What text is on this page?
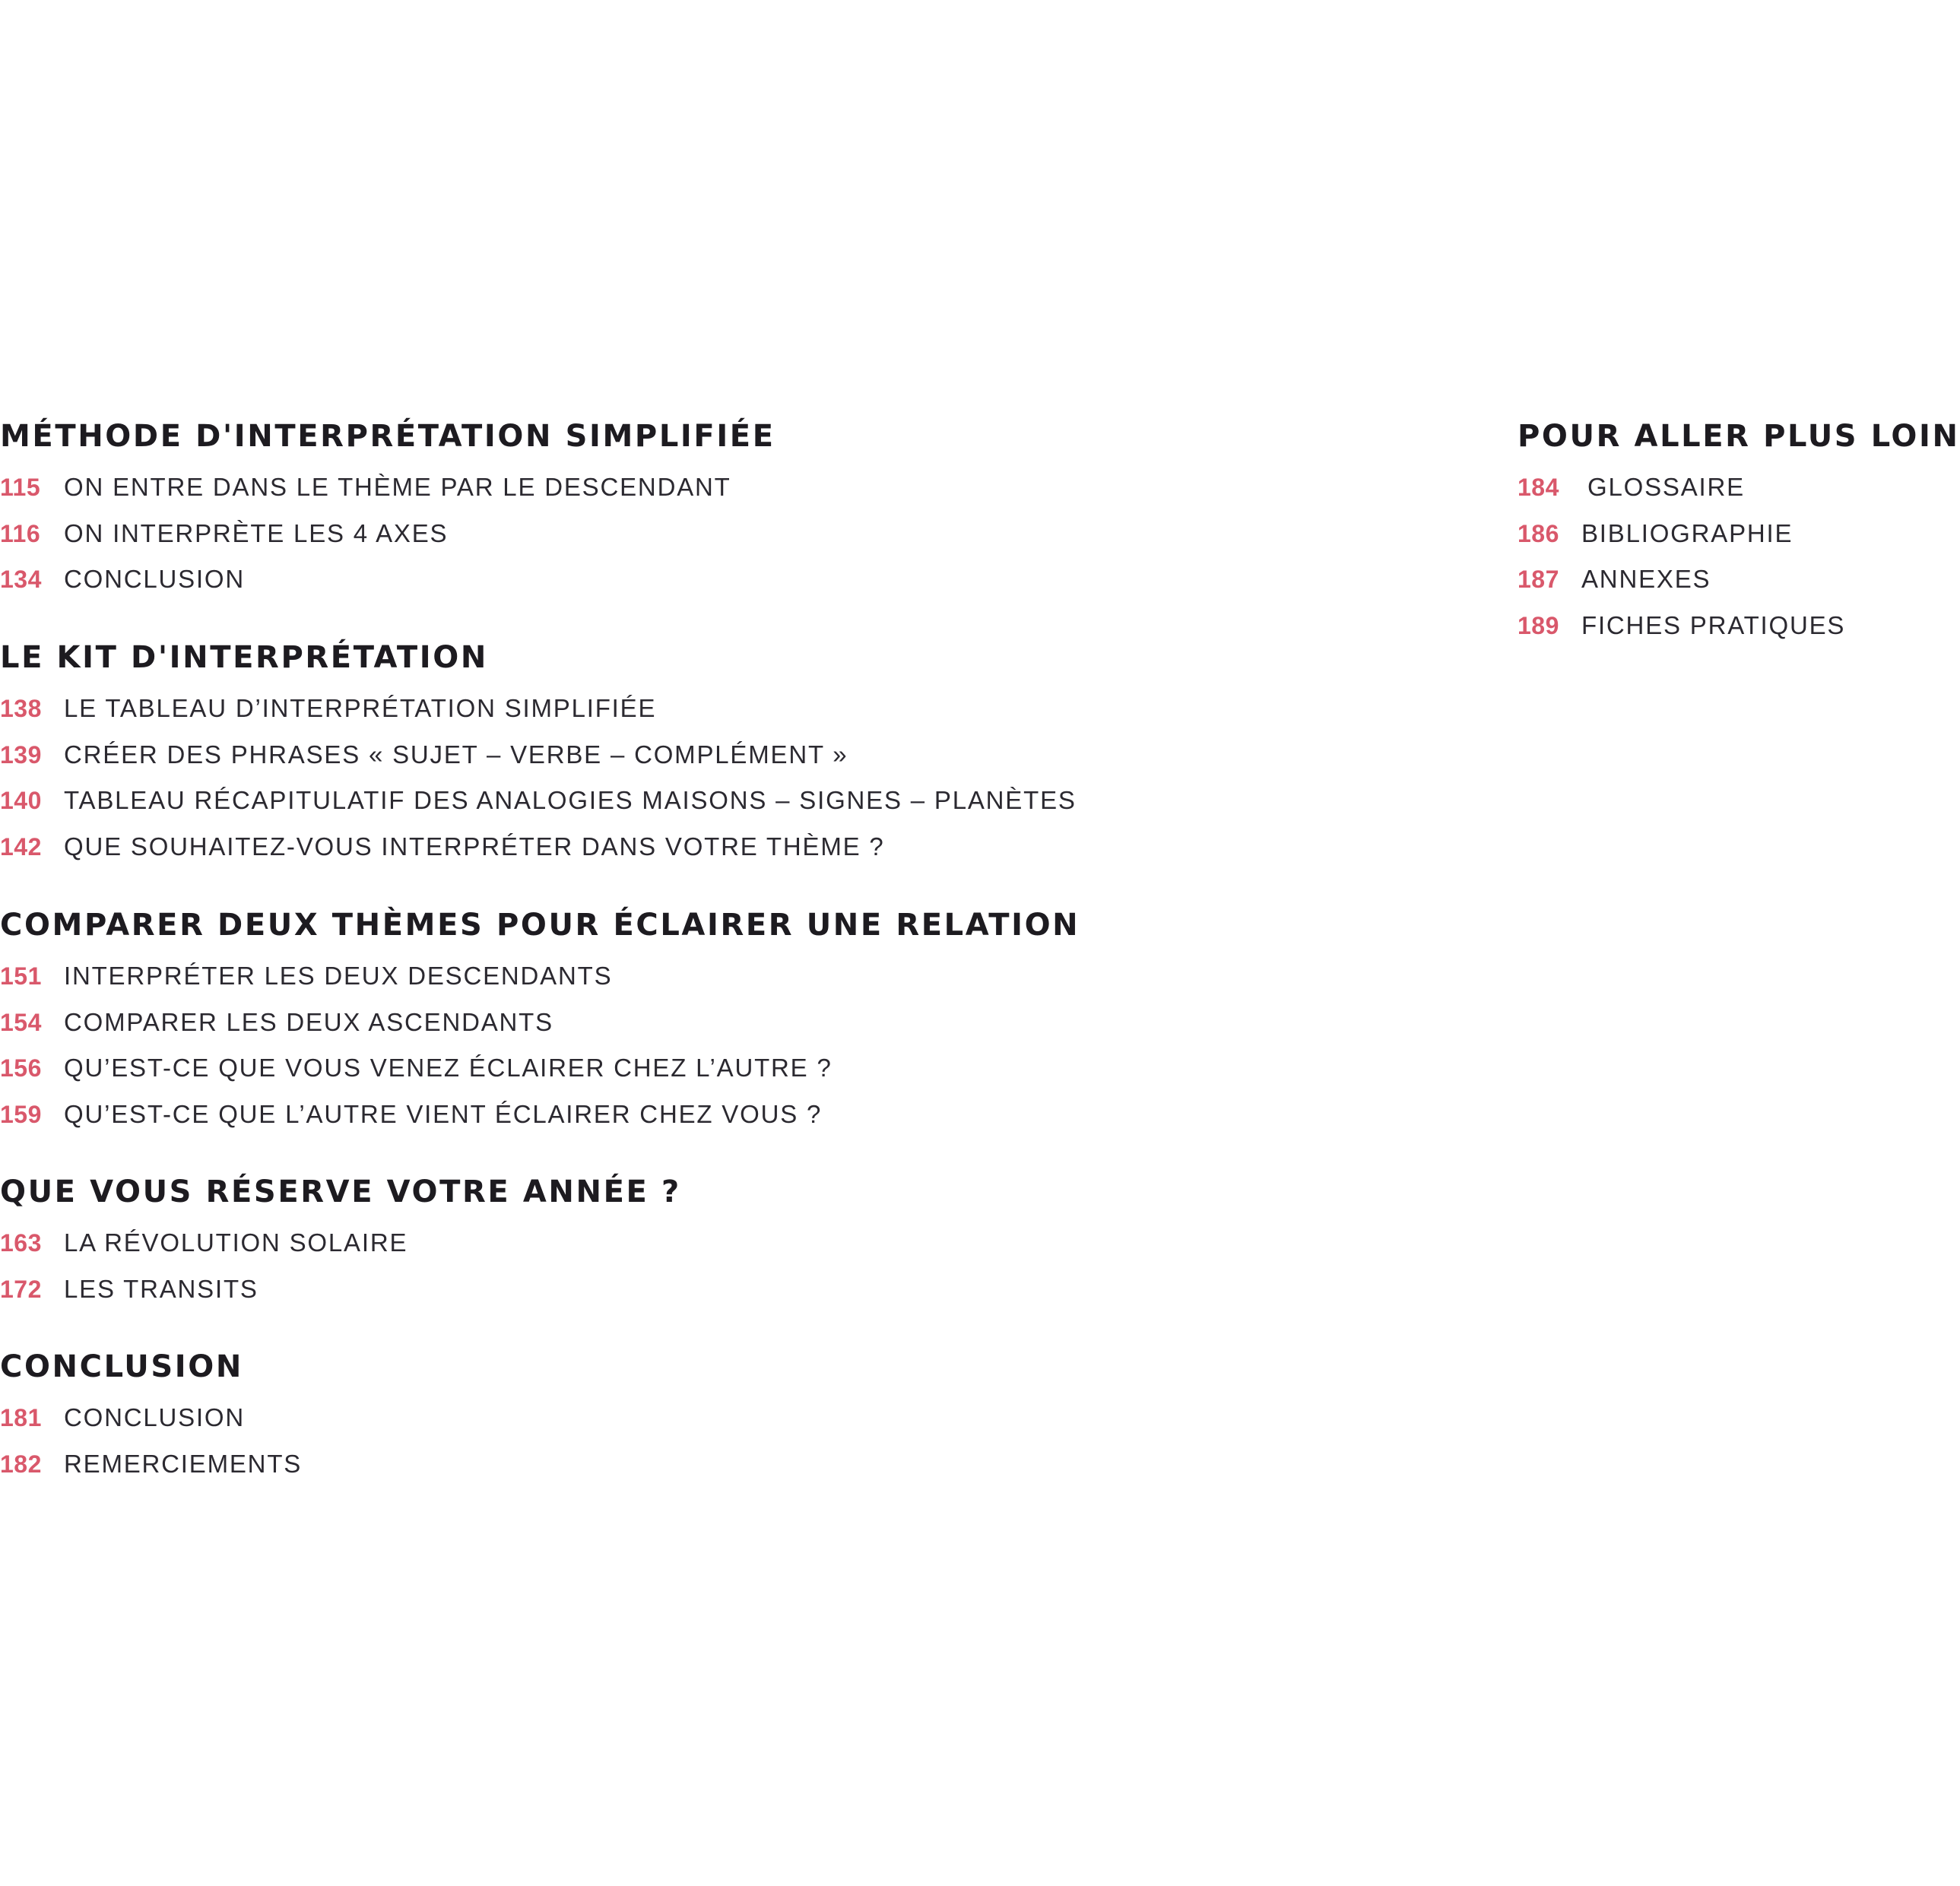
MÉTHODE D'INTERPRÉTATION SIMPLIFIÉE
115 ON ENTRE DANS LE THÈME PAR LE DESCENDANT
116 ON INTERPRÈTE LES 4 AXES
134 CONCLUSION
LE KIT D'INTERPRÉTATION
138 LE TABLEAU D’INTERPRÉTATION SIMPLIFIÉE
139 CRÉER DES PHRASES « SUJET – VERBE – COMPLÉMENT »
140 TABLEAU RÉCAPITULATIF DES ANALOGIES MAISONS – SIGNES – PLANÈTES
142 QUE SOUHAITEZ-VOUS INTERPRÉTER DANS VOTRE THÈME ?
COMPARER DEUX THÈMES POUR ÉCLAIRER UNE RELATION
151 INTERPRÉTER LES DEUX DESCENDANTS
154 COMPARER LES DEUX ASCENDANTS
156 QU’EST-CE QUE VOUS VENEZ ÉCLAIRER CHEZ L’AUTRE ?
159 QU’EST-CE QUE L’AUTRE VIENT ÉCLAIRER CHEZ VOUS ?
QUE VOUS RÉSERVE VOTRE ANNÉE ?
163 LA RÉVOLUTION SOLAIRE
172 LES TRANSITS
CONCLUSION
181 CONCLUSION
182 REMERCIEMENTS
POUR ALLER PLUS LOIN
184	GLOSSAIRE
186 BIBLIOGRAPHIE
187 ANNEXES
189 FICHES PRATIQUES
